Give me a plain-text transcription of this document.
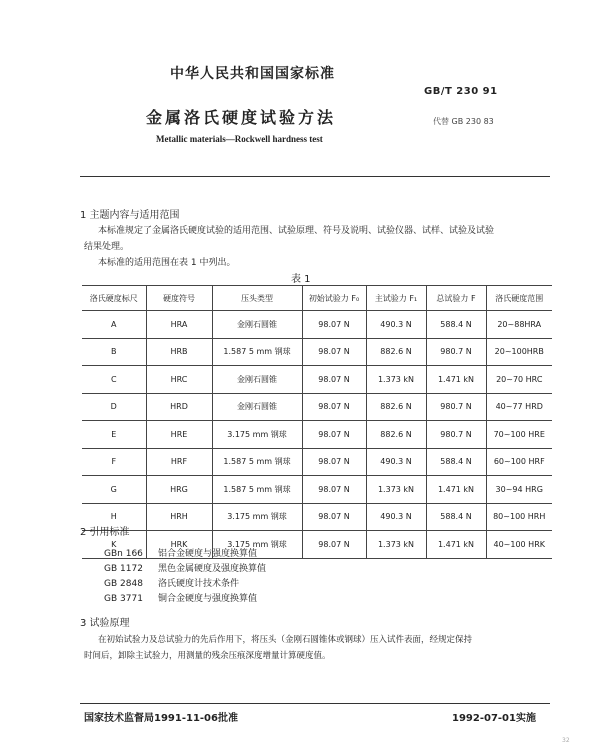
中华人民共和国国家标准
GB/T 230 91
金属洛氏硬度试验方法	代替 GB 230 83
Metallic materials—Rockwell hardness test
1 主题内容与适用范围
本标准规定了金属洛氏硬度试验的适用范围、试验原理、符号及说明、试验仪器、试样、试验及试验
结果处理。
本标准的适用范围在表 1 中列出。
表 1
洛氏硬度标尺	硬度符号	压头类型	初始试验力 F₀	主试验力 F₁	总试验力 F	洛氏硬度范围
A	HRA	金刚石圆锥	98.07 N	490.3 N	588.4 N	20~88HRA
B	HRB	1.587 5 mm 钢球	98.07 N	882.6 N	980.7 N	20~100HRB
C	HRC	金刚石圆锥	98.07 N	1.373 kN	1.471 kN	20~70 HRC
D	HRD	金刚石圆锥	98.07 N	882.6 N	980.7 N	40~77 HRD
E	HRE	3.175 mm 钢球	98.07 N	882.6 N	980.7 N	70~100 HRE
F	HRF	1.587 5 mm 钢球	98.07 N	490.3 N	588.4 N	60~100 HRF
G	HRG	1.587 5 mm 钢球	98.07 N	1.373 kN	1.471 kN	30~94 HRG
H	HRH	3.175 mm 钢球	98.07 N	490.3 N	588.4 N	80~100 HRH
K	HRK	3.175 mm 钢球	98.07 N	1.373 kN	1.471 kN	40~100 HRK
2 引用标准
GBn 166 铝合金硬度与强度换算值
GB 1172 黑色金属硬度及强度换算值
GB 2848 洛氏硬度计技术条件
GB 3771 铜合金硬度与强度换算值
3 试验原理
在初始试验力及总试验力的先后作用下，将压头（金刚石圆锥体或钢球）压入试件表面，经规定保持
时间后，卸除主试验力，用测量的残余压痕深度增量计算硬度值。
国家技术监督局1991-11-06批准	1992-07-01实施
32
